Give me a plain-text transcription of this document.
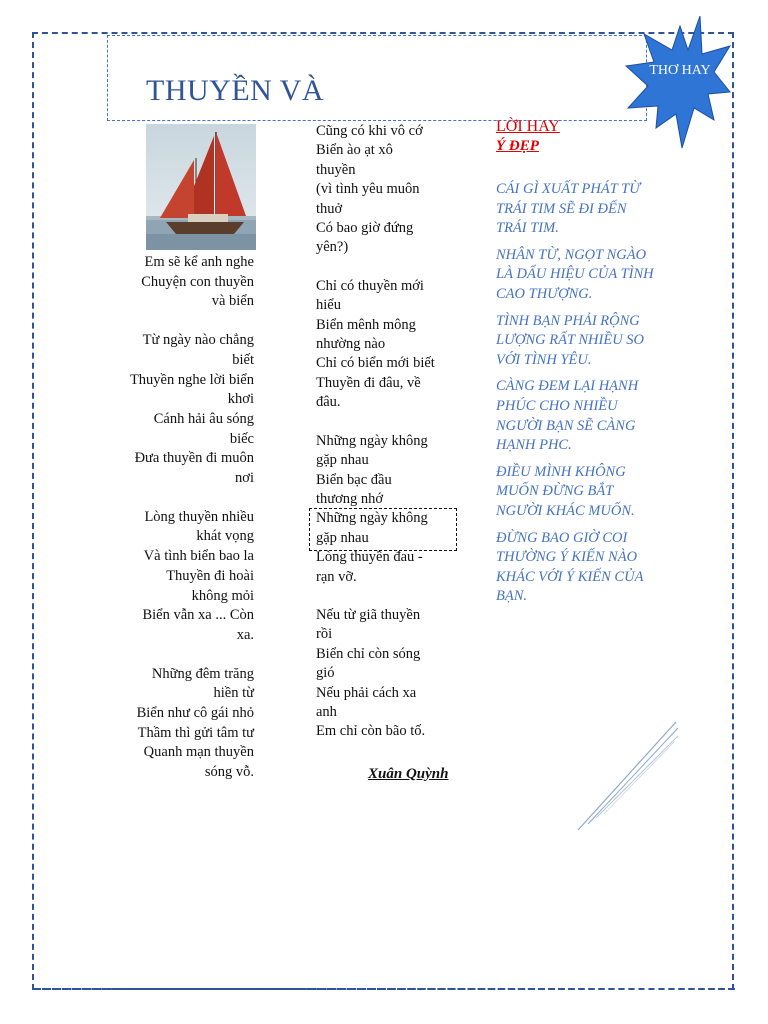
THUYỀN VÀ
THƠ HAY
Em sẽ kể anh nghe
Chuyện con thuyền
và biển
Từ ngày nào chẳng
biết
Thuyền nghe lời biển
khơi
Cánh hải âu sóng
biếc
Đưa thuyền đi muôn
nơi
Lòng thuyền nhiều
khát vọng
Và tình biển bao la
Thuyền đi hoài
không mỏi
Biển vẫn xa ... Còn
xa.
Những đêm trăng
hiền từ
Biển như cô gái nhỏ
Thầm thì gửi tâm tư
Quanh mạn thuyền
sóng vỗ.
Cũng có khi vô cớ
Biển ào ạt xô
thuyền
(vì tình yêu muôn
thuở
Có bao giờ đứng
yên?)
Chỉ có thuyền mới
hiểu
Biển mênh mông
nhường nào
Chỉ có biển mới biết
Thuyền đi đâu, về
đâu.
Những ngày không
gặp nhau
Biển bạc đầu
thương nhớ
Những ngày không
gặp nhau
Lòng thuyền đau -
rạn vỡ.
Nếu từ giã thuyền
rồi
Biển chỉ còn sóng
gió
Nếu phải cách xa
anh
Em chỉ còn bão tố.
Xuân Quỳnh
LỜI HAY
Ý ĐẸP

CÁI GÌ XUẤT PHÁT TỪ TRÁI TIM SẼ ĐI ĐẾN TRÁI TIM.

NHÂN TỪ, NGỌT NGÀO LÀ DẤU HIỆU CỦA TÌNH CAO THƯỢNG.

TÌNH BẠN PHẢI RỘNG LƯỢNG RẤT NHIỀU SO VỚI TÌNH YÊU.

CÀNG ĐEM LẠI HẠNH PHÚC CHO NHIỀU NGƯỜI BẠN SẼ CÀNG HẠNH PHC.

ĐIỀU MÌNH KHÔNG MUỐN ĐỪNG BẮT NGƯỜI KHÁC MUỐN.

ĐỪNG BAO GIỜ COI THƯỜNG Ý KIẾN NÀO KHÁC VỚI Ý KIẾN CỦA BẠN.
